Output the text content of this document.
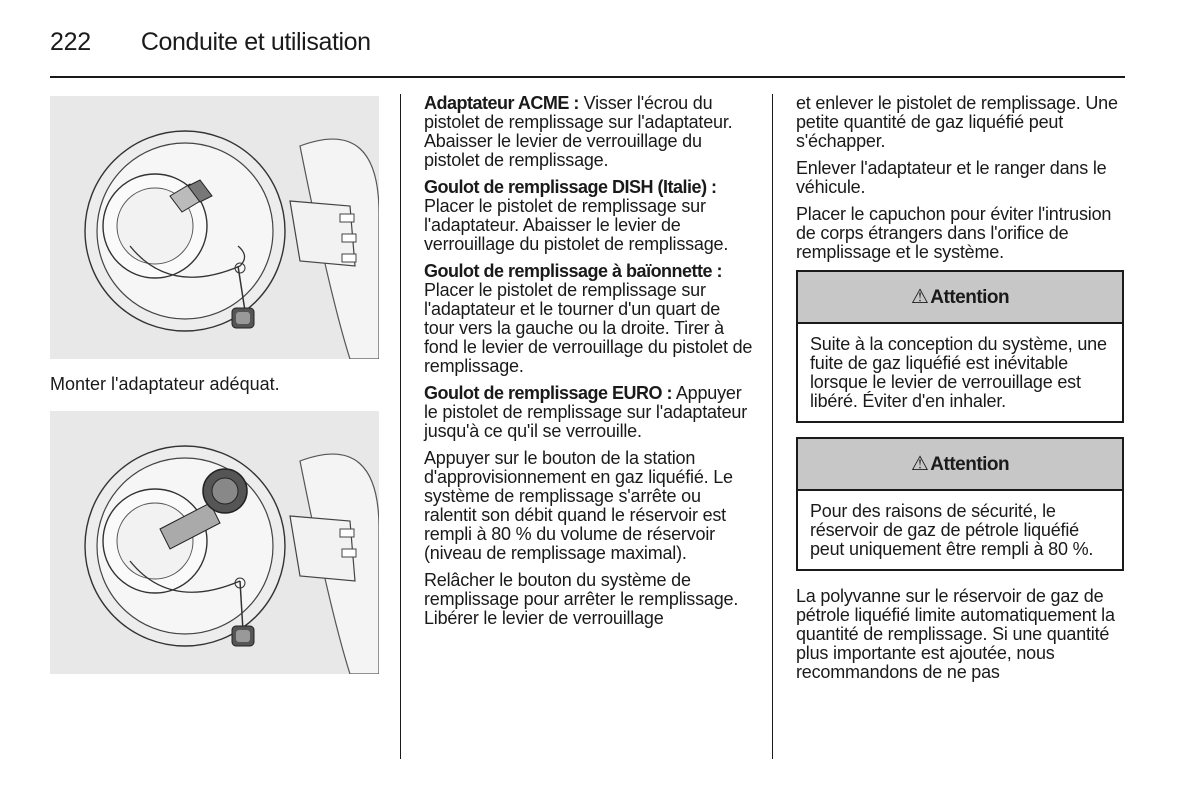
222 Conduite et utilisation
Monter l'adaptateur adéquat.

Adaptateur ACME : Visser l'écrou du pistolet de remplissage sur l'adaptateur. Abaisser le levier de verrouillage du pistolet de remplissage.

Goulot de remplissage DISH (Italie) : Placer le pistolet de remplissage sur l'adaptateur. Abaisser le levier de verrouillage du pistolet de remplissage.

Goulot de remplissage à baïonnette : Placer le pistolet de remplissage sur l'adaptateur et le tourner d'un quart de tour vers la gauche ou la droite. Tirer à fond le levier de verrouillage du pistolet de remplissage.

Goulot de remplissage EURO : Appuyer le pistolet de remplissage sur l'adaptateur jusqu'à ce qu'il se verrouille.

Appuyer sur le bouton de la station d'approvisionnement en gaz liquéfié. Le système de remplissage s'arrête ou ralentit son débit quand le réservoir est rempli à 80 % du volume de réservoir (niveau de remplissage maximal).

Relâcher le bouton du système de remplissage pour arrêter le remplissage. Libérer le levier de verrouillage

et enlever le pistolet de remplissage. Une petite quantité de gaz liquéfié peut s'échapper.

Enlever l'adaptateur et le ranger dans le véhicule.

Placer le capuchon pour éviter l'intrusion de corps étrangers dans l'orifice de remplissage et le système.

⚠ Attention
Suite à la conception du système, une fuite de gaz liquéfié est inévitable lorsque le levier de verrouillage est libéré. Éviter d'en inhaler.
⚠ Attention
Pour des raisons de sécurité, le réservoir de gaz de pétrole liquéfié peut uniquement être rempli à 80 %.

La polyvanne sur le réservoir de gaz de pétrole liquéfié limite automatiquement la quantité de remplissage. Si une quantité plus importante est ajoutée, nous recommandons de ne pas
